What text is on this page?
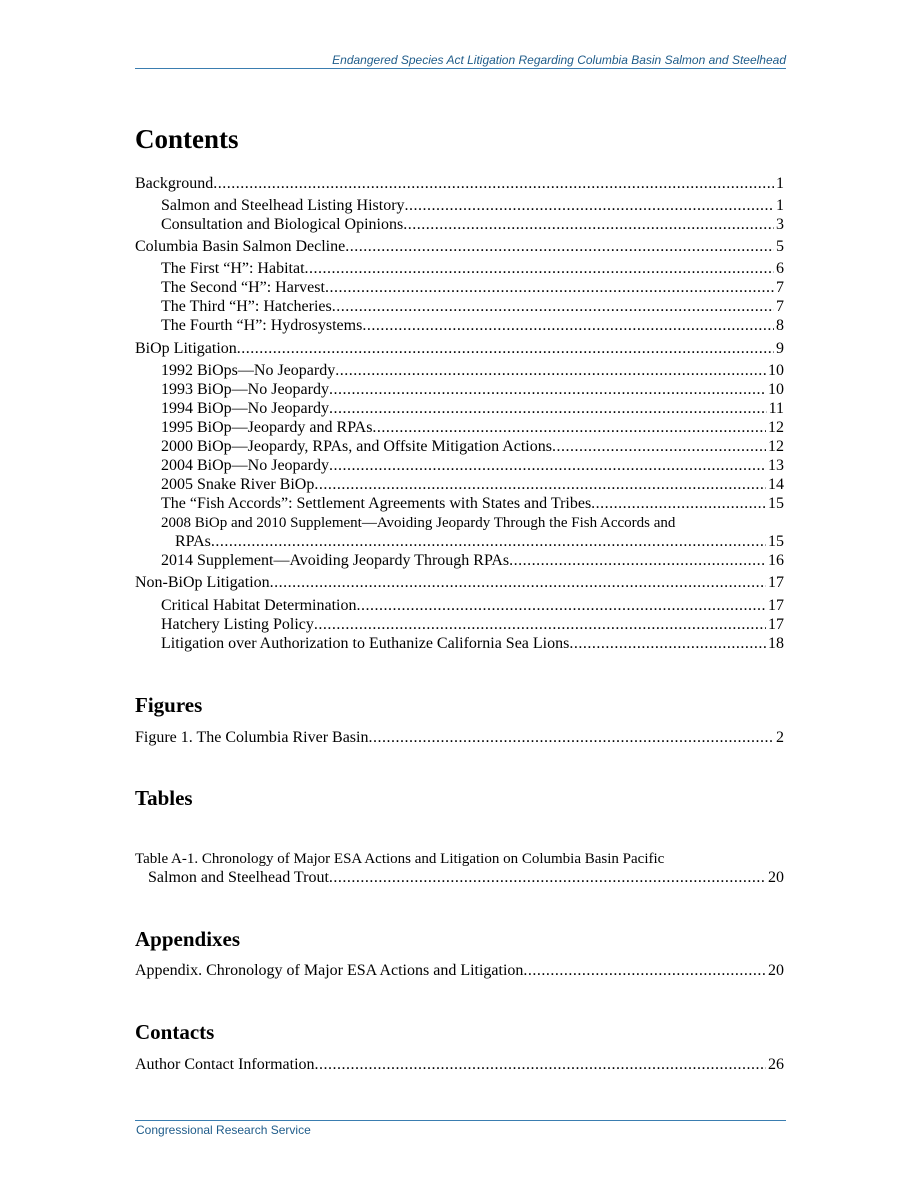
Endangered Species Act Litigation Regarding Columbia Basin Salmon and Steelhead
Contents
Background .....	1
Salmon and Steelhead Listing History .....	1
Consultation and Biological Opinions .....	3
Columbia Basin Salmon Decline .....	5
The First “H”: Habitat .....	6
The Second “H”: Harvest .....	7
The Third “H”: Hatcheries .....	7
The Fourth “H”: Hydrosystems .....	8
BiOp Litigation .....	9
1992 BiOps—No Jeopardy .....	10
1993 BiOp—No Jeopardy .....	10
1994 BiOp—No Jeopardy .....	11
1995 BiOp—Jeopardy and RPAs .....	12
2000 BiOp—Jeopardy, RPAs, and Offsite Mitigation Actions .....	12
2004 BiOp—No Jeopardy .....	13
2005 Snake River BiOp .....	14
The “Fish Accords”: Settlement Agreements with States and Tribes .....	15
2008 BiOp and 2010 Supplement—Avoiding Jeopardy Through the Fish Accords and
RPAs .....	15
2014 Supplement—Avoiding Jeopardy Through RPAs .....	16
Non-BiOp Litigation .....	17
Critical Habitat Determination .....	17
Hatchery Listing Policy .....	17
Litigation over Authorization to Euthanize California Sea Lions .....	18
Figures
Figure 1. The Columbia River Basin .....	2
Tables
Table A-1. Chronology of Major ESA Actions and Litigation on Columbia Basin Pacific
Salmon and Steelhead Trout .....	20
Appendixes
Appendix. Chronology of Major ESA Actions and Litigation .....	20
Contacts
Author Contact Information .....	26
Congressional Research Service
